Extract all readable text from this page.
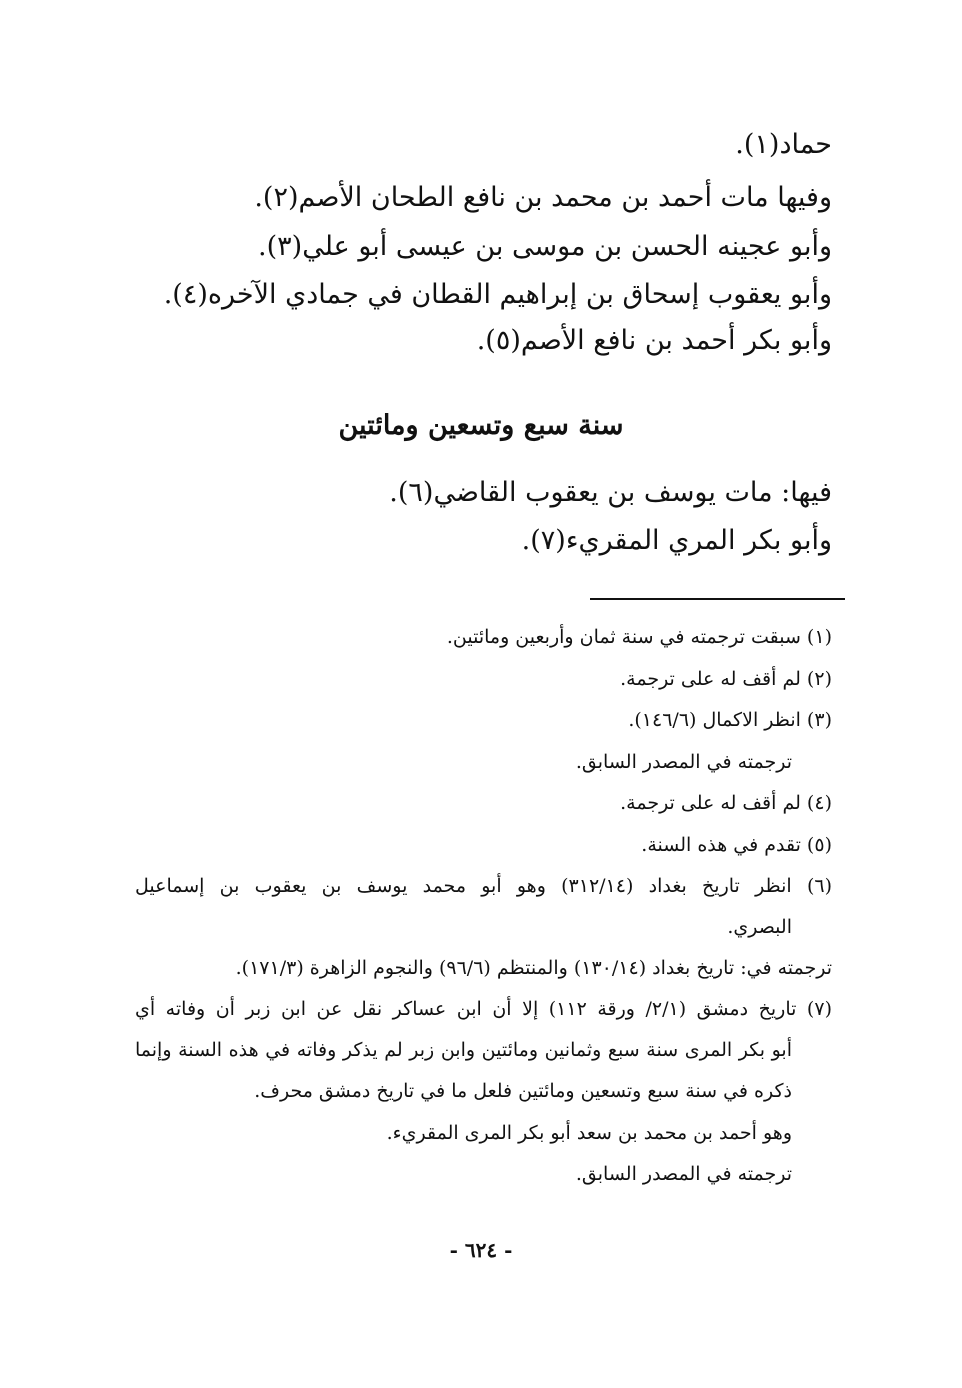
حماد(١).
وفيها مات أحمد بن محمد بن نافع الطحان الأصم(٢).
وأبو عجينه الحسن بن موسى بن عيسى أبو علي(٣).
وأبو يعقوب إسحاق بن إبراهيم القطان في جمادي الآخره(٤).
وأبو بكر أحمد بن نافع الأصم(٥).
سنة سبع وتسعين ومائتين
فيها: مات يوسف بن يعقوب القاضي(٦).
وأبو بكر المري المقريء(٧).
(١) سبقت ترجمته في سنة ثمان وأربعين ومائتين.
(٢) لم أقف له على ترجمة.
(٣) انظر الاكمال (١٤٦/٦).
ترجمته في المصدر السابق.
(٤) لم أقف له على ترجمة.
(٥) تقدم في هذه السنة.
(٦) انظر تاريخ بغداد (٣١٢/١٤) وهو أبو محمد يوسف بن يعقوب بن إسماعيل
البصري.
ترجمته في: تاريخ بغداد (١٣٠/١٤) والمنتظم (٩٦/٦) والنجوم الزاهرة (١٧١/٣).
(٧) تاريخ دمشق (٢/١/ ورقة ١١٢) إلا أن ابن عساكر نقل عن ابن زبر أن وفاته أي
أبو بكر المرى سنة سبع وثمانين ومائتين وابن زبر لم يذكر وفاته في هذه السنة وإنما
ذكره في سنة سبع وتسعين ومائتين فلعل ما في تاريخ دمشق محرف.
وهو أحمد بن محمد بن سعد أبو بكر المرى المقريء.
ترجمته في المصدر السابق.
- ٦٢٤ -
